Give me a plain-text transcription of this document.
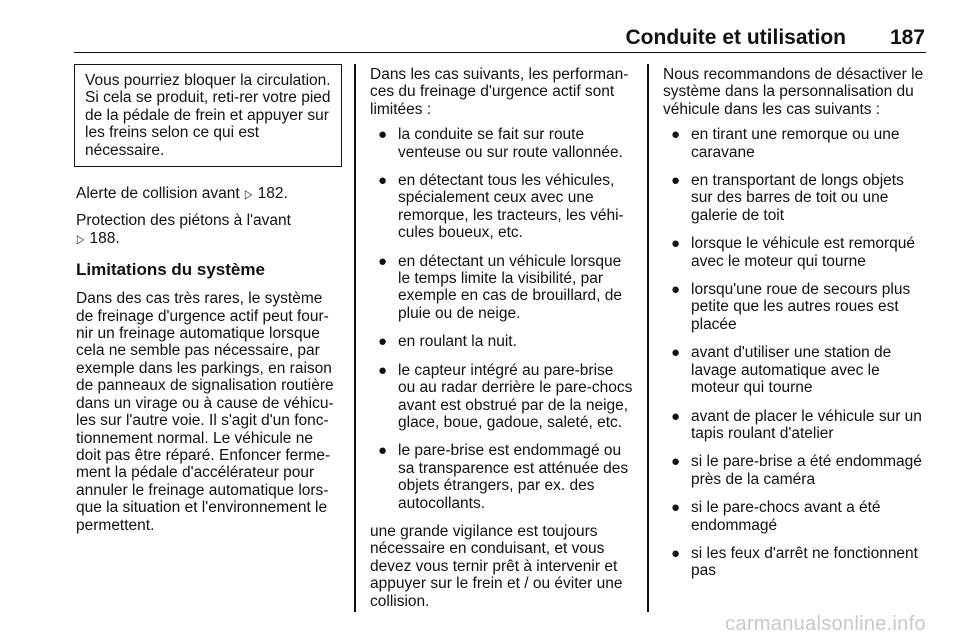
Conduite et utilisation 187
Vous pourriez bloquer la circulation. Si cela se produit, reti-rer votre pied de la pédale de frein et appuyer sur les freins selon ce qui est nécessaire.

Alerte de collision avant ▷ 182.

Protection des piétons à l'avant
▷ 188.

Limitations du système

Dans des cas très rares, le système de freinage d'urgence actif peut four-nir un freinage automatique lorsque cela ne semble pas nécessaire, par exemple dans les parkings, en raison de panneaux de signalisation routière dans un virage ou à cause de véhicu-les sur l'autre voie. Il s'agit d'un fonc-tionnement normal. Le véhicule ne doit pas être réparé. Enfoncer ferme-ment la pédale d'accélérateur pour annuler le freinage automatique lors-que la situation et l'environnement le permettent.

Dans les cas suivants, les performan-ces du freinage d'urgence actif sont limitées :

● la conduite se fait sur route venteuse ou sur route vallonnée.
● en détectant tous les véhicules, spécialement ceux avec une remorque, les tracteurs, les véhi-cules boueux, etc.
● en détectant un véhicule lorsque le temps limite la visibilité, par exemple en cas de brouillard, de pluie ou de neige.
● en roulant la nuit.
● le capteur intégré au pare-brise ou au radar derrière le pare-chocs avant est obstrué par de la neige, glace, boue, gadoue, saleté, etc.
● le pare-brise est endommagé ou sa transparence est atténuée des objets étrangers, par ex. des autocollants.

une grande vigilance est toujours nécessaire en conduisant, et vous devez vous ternir prêt à intervenir et appuyer sur le frein et / ou éviter une collision.

Nous recommandons de désactiver le système dans la personnalisation du véhicule dans les cas suivants :

● en tirant une remorque ou une caravane
● en transportant de longs objets sur des barres de toit ou une galerie de toit
● lorsque le véhicule est remorqué avec le moteur qui tourne
● lorsqu'une roue de secours plus petite que les autres roues est placée
● avant d'utiliser une station de lavage automatique avec le moteur qui tourne
● avant de placer le véhicule sur un tapis roulant d'atelier
● si le pare-brise a été endommagé près de la caméra
● si le pare-chocs avant a été endommagé
● si les feux d'arrêt ne fonctionnent pas
carmanualsonline.info
